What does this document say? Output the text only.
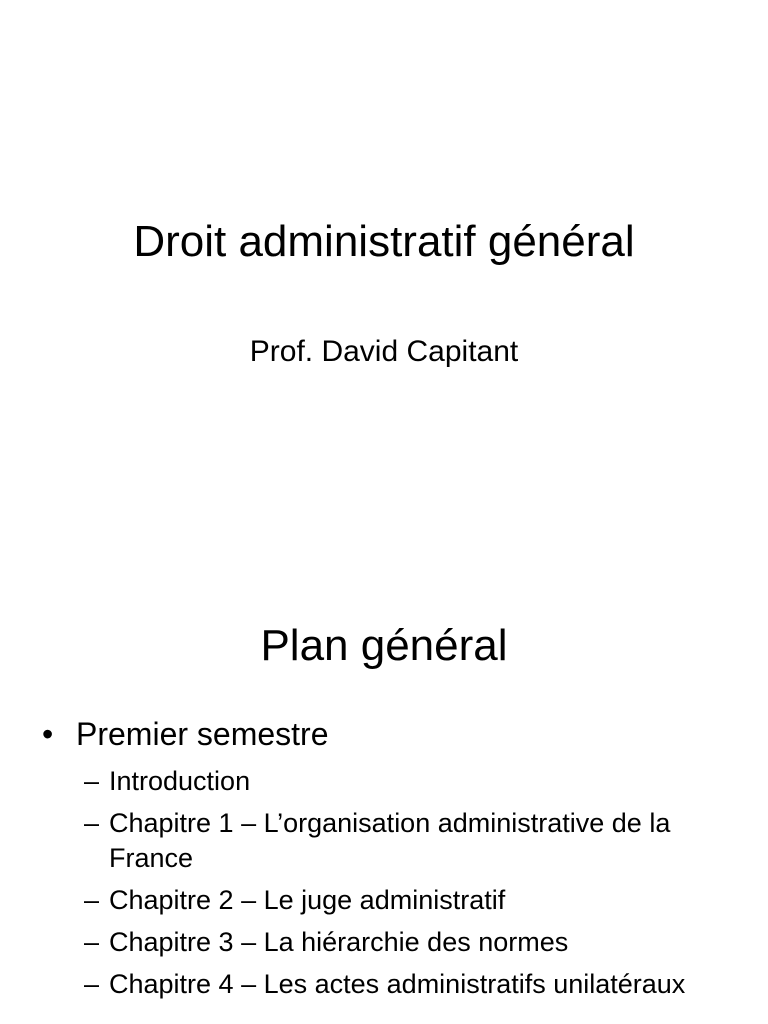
Droit administratif général
Prof. David Capitant
Plan général
• Premier semestre
– Introduction
– Chapitre 1 – L’organisation administrative de la France
– Chapitre 2 – Le juge administratif
– Chapitre 3 – La hiérarchie des normes
– Chapitre 4 – Les actes administratifs unilatéraux
